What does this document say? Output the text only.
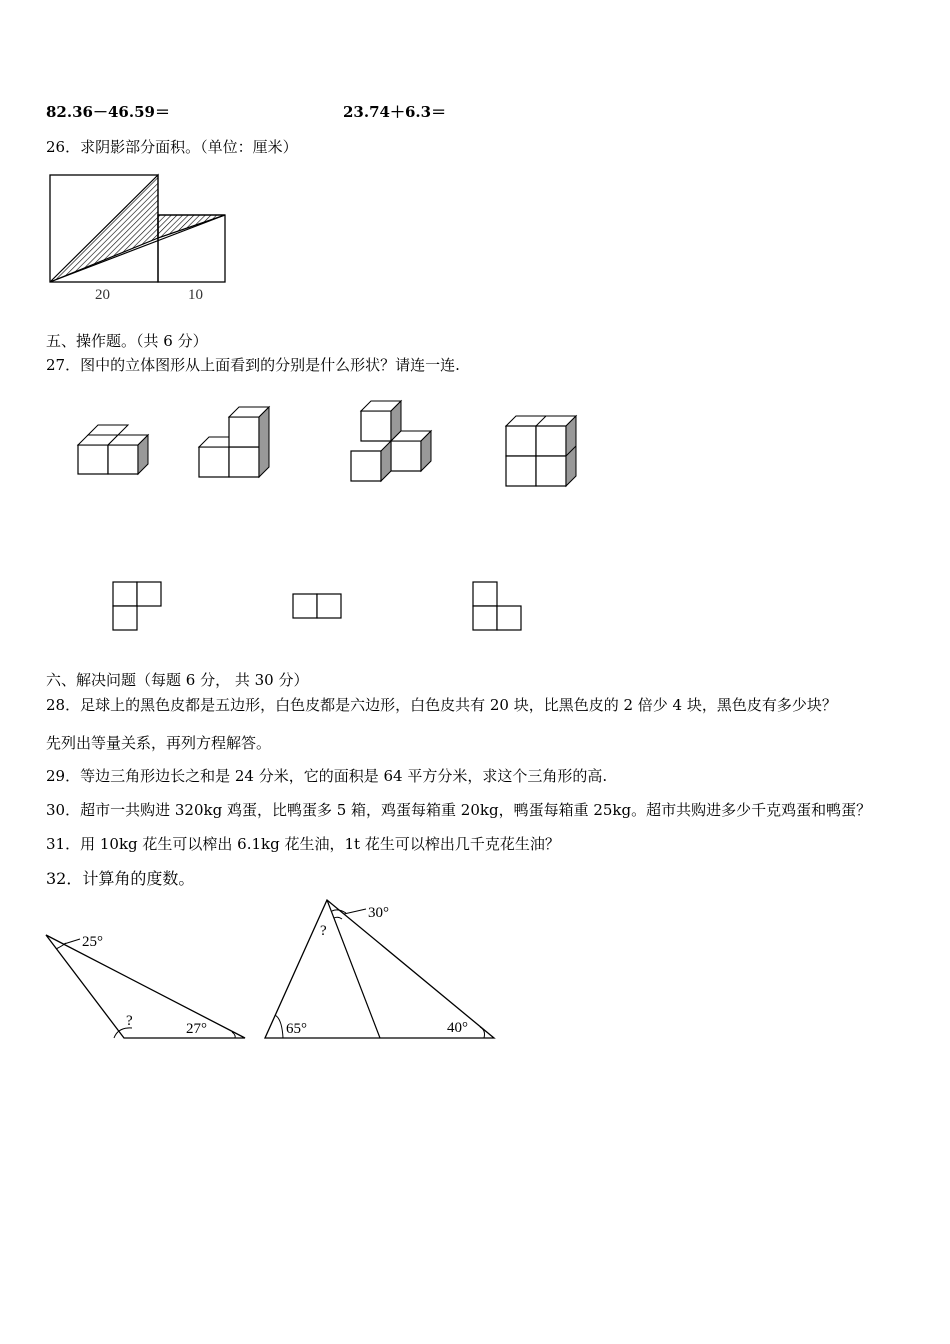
82.36－46.59＝	23.74＋6.3＝
26．求阴影部分面积。（单位：厘米）
20	10
五、操作题。（共 6 分）
27．图中的立体图形从上面看到的分别是什么形状？请连一连.
六、解决问题（每题 6 分， 共 30 分）
28．足球上的黑色皮都是五边形，白色皮都是六边形，白色皮共有 20 块，比黑色皮的 2 倍少 4 块，黑色皮有多少块？
先列出等量关系，再列方程解答。
29．等边三角形边长之和是 24 分米，它的面积是 64 平方分米，求这个三角形的高.
30．超市一共购进 320kg 鸡蛋，比鸭蛋多 5 箱，鸡蛋每箱重 20kg，鸭蛋每箱重 25kg。超市共购进多少千克鸡蛋和鸭蛋？
31．用 10kg 花生可以榨出 6.1kg 花生油，1t 花生可以榨出几千克花生油？
32．计算角的度数。
25°
?	27°
30°
?
65°	40°
